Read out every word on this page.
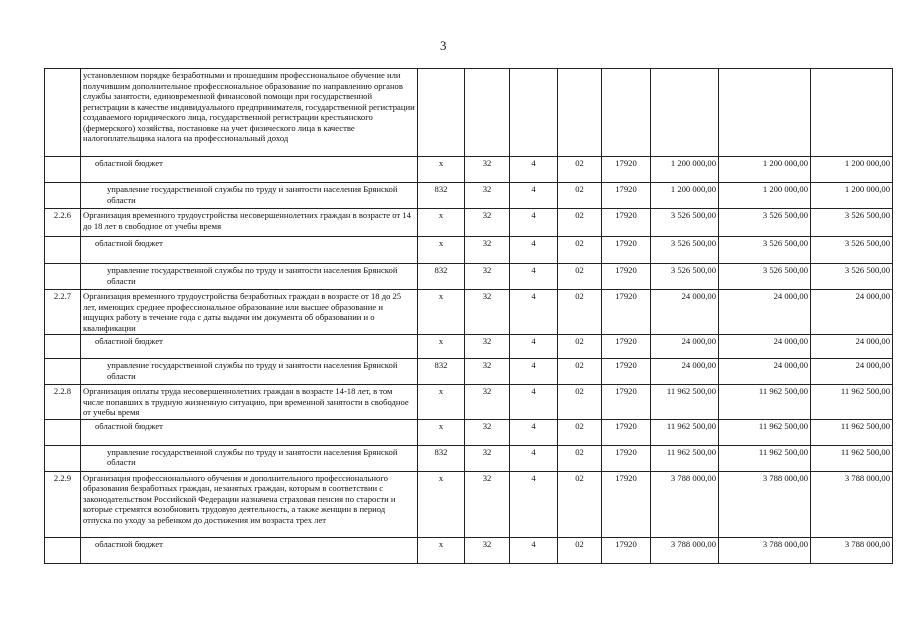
3
	установленном порядке безработными и прошедшим профессиональное обучение или получившим дополнительное профессиональное образование по направлению органов службы занятости, единовременной финансовой помощи при государственной регистрации в качестве индивидуального предпринимателя, государственной регистрации создаваемого юридического лица, государственной регистрации крестьянского (фермерского) хозяйства, постановке на учет физического лица в качестве налогоплательщика налога на профессиональный доход								
	областной бюджет	x	32	4	02	17920	1 200 000,00	1 200 000,00	1 200 000,00
	управление государственной службы по труду и занятости населения Брянской области	832	32	4	02	17920	1 200 000,00	1 200 000,00	1 200 000,00
2.2.6	Организация временного трудоустройства несовершеннолетних граждан в возрасте от 14 до 18 лет в свободное от учебы время	x	32	4	02	17920	3 526 500,00	3 526 500,00	3 526 500,00
	областной бюджет	x	32	4	02	17920	3 526 500,00	3 526 500,00	3 526 500,00
	управление государственной службы по труду и занятости населения Брянской области	832	32	4	02	17920	3 526 500,00	3 526 500,00	3 526 500,00
2.2.7	Организация временного трудоустройства безработных граждан в возрасте от 18 до 25 лет, имеющих среднее профессиональное образование или высшее образование и ищущих работу в течение года с даты выдачи им документа об образовании и о квалификации	x	32	4	02	17920	24 000,00	24 000,00	24 000,00
	областной бюджет	x	32	4	02	17920	24 000,00	24 000,00	24 000,00
	управление государственной службы по труду и занятости населения Брянской области	832	32	4	02	17920	24 000,00	24 000,00	24 000,00
2.2.8	Организация оплаты труда несовершеннолетних граждан в возрасте 14-18 лет, в том числе попавших в трудную жизненную ситуацию, при временной занятости в свободное от учебы время	x	32	4	02	17920	11 962 500,00	11 962 500,00	11 962 500,00
	областной бюджет	x	32	4	02	17920	11 962 500,00	11 962 500,00	11 962 500,00
	управление государственной службы по труду и занятости населения Брянской области	832	32	4	02	17920	11 962 500,00	11 962 500,00	11 962 500,00
2.2.9	Организация профессионального обучения и дополнительного профессионального образования безработных граждан, незанятых граждан, которым в соответствии с законодательством Российской Федерации назначена страховая пенсия по старости и которые стремятся возобновить трудовую деятельность, а также женщин в период отпуска по уходу за ребенком до достижения им возраста трех лет	x	32	4	02	17920	3 788 000,00	3 788 000,00	3 788 000,00
	областной бюджет	x	32	4	02	17920	3 788 000,00	3 788 000,00	3 788 000,00
